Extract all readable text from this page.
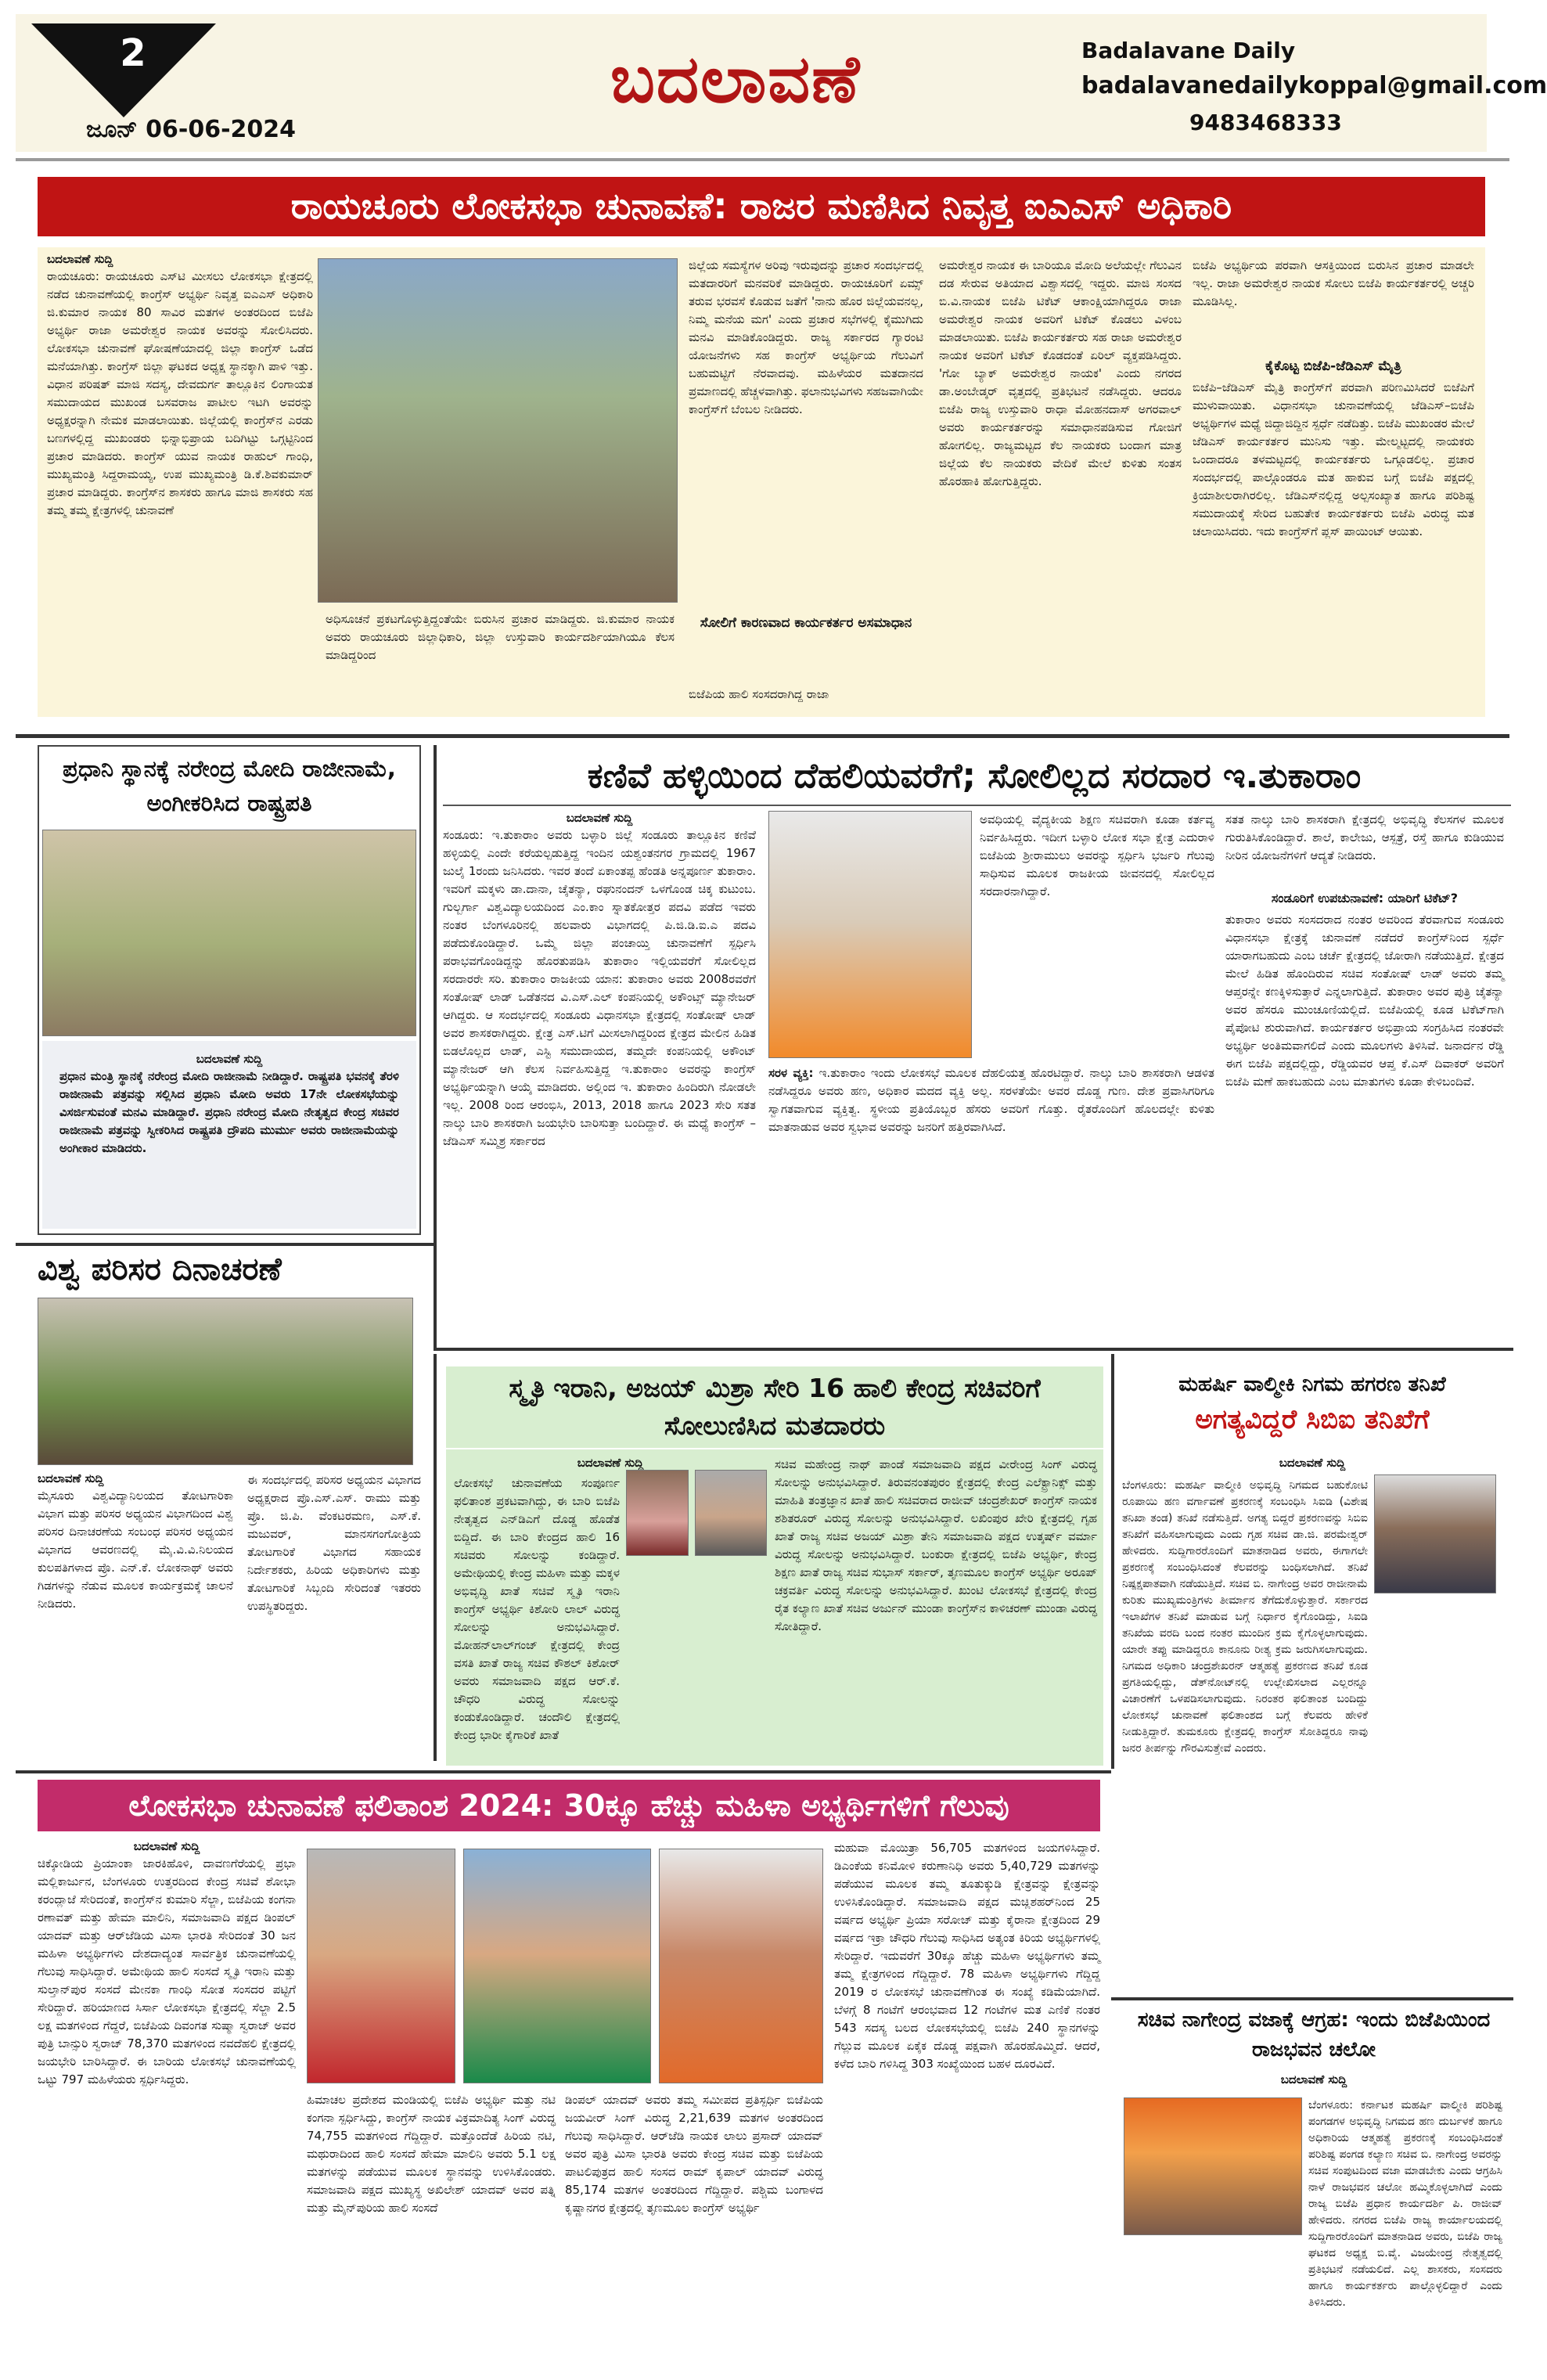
2
ಜೂನ್ 06-06-2024
ಬದಲಾವಣೆ	Badalavane Daily
badalavanedailykoppal@gmail.com
9483468333
ರಾಯಚೂರು ಲೋಕಸಭಾ ಚುನಾವಣೆ: ರಾಜರ ಮಣಿಸಿದ ನಿವೃತ್ತ ಐಎಎಸ್ ಅಧಿಕಾರಿ
ಬದಲಾವಣೆ ಸುದ್ದಿ
ರಾಯಚೂರು: ರಾಯಚೂರು ಎಸ್‌ಟಿ ಮೀಸಲು ಲೋಕಸಭಾ ಕ್ಷೇತ್ರದಲ್ಲಿ ನಡೆದ ಚುನಾವಣೆಯಲ್ಲಿ ಕಾಂಗ್ರೆಸ್ ಅಭ್ಯರ್ಥಿ ನಿವೃತ್ತ ಐಎಎಸ್ ಅಧಿಕಾರಿ ಜಿ.ಕುಮಾರ ನಾಯಕ 80 ಸಾವಿರ ಮತಗಳ ಅಂತರದಿಂದ ಬಿಜೆಪಿ ಅಭ್ಯರ್ಥಿ ರಾಜಾ ಅಮರೇಶ್ವರ ನಾಯಕ ಅವರನ್ನು ಸೋಲಿಸಿದರು. ಲೋಕಸಭಾ ಚುನಾವಣೆ ಘೋಷಣೆಯಾದಲ್ಲಿ ಜಿಲ್ಲಾ ಕಾಂಗ್ರೆಸ್ ಒಡೆದ ಮನೆಯಾಗಿತ್ತು. ಕಾಂಗ್ರೆಸ್ ಜಿಲ್ಲಾ ಘಟಕದ ಅಧ್ಯಕ್ಷ ಸ್ಥಾನಕ್ಕಾಗಿ ಪಾಳಿ ಇತ್ತು. ವಿಧಾನ ಪರಿಷತ್ ಮಾಜಿ ಸದಸ್ಯ, ದೇವದುರ್ಗ ತಾಲ್ಲೂಕಿನ ಲಿಂಗಾಯತ ಸಮುದಾಯದ ಮುಖಂಡ ಬಸವರಾಜ ಪಾಟೀಲ ಇಟಗಿ ಅವರನ್ನು ಅಧ್ಯಕ್ಷರನ್ನಾಗಿ ನೇಮಕ ಮಾಡಲಾಯಿತು. ಜಿಲ್ಲೆಯಲ್ಲಿ ಕಾಂಗ್ರೆಸ್‌ನ ಎರಡು ಬಣಗಳಲ್ಲಿದ್ದ ಮುಖಂಡರು ಭಿನ್ನಾಭಿಪ್ರಾಯ ಬದಿಗಿಟ್ಟು ಒಗ್ಗಟ್ಟಿನಿಂದ ಪ್ರಚಾರ ಮಾಡಿದರು. ಕಾಂಗ್ರೆಸ್ ಯುವ ನಾಯಕ ರಾಹುಲ್ ಗಾಂಧಿ, ಮುಖ್ಯಮಂತ್ರಿ ಸಿದ್ದರಾಮಯ್ಯ, ಉಪ ಮುಖ್ಯಮಂತ್ರಿ ಡಿ.ಕೆ.ಶಿವಕುಮಾರ್ ಪ್ರಚಾರ ಮಾಡಿದ್ದರು. ಕಾಂಗ್ರೆಸ್‌ನ ಶಾಸಕರು ಹಾಗೂ ಮಾಜಿ ಶಾಸಕರು ಸಹ ತಮ್ಮ ತಮ್ಮ ಕ್ಷೇತ್ರಗಳಲ್ಲಿ ಚುನಾವಣೆ
ಅಧಿಸೂಚನೆ ಪ್ರಕಟಗೊಳ್ಳುತ್ತಿದ್ದಂತೆಯೇ ಬಿರುಸಿನ ಪ್ರಚಾರ ಮಾಡಿದ್ದರು. ಜಿ.ಕುಮಾರ ನಾಯಕ ಅವರು ರಾಯಚೂರು ಜಿಲ್ಲಾಧಿಕಾರಿ, ಜಿಲ್ಲಾ ಉಸ್ತುವಾರಿ ಕಾರ್ಯದರ್ಶಿಯಾಗಿಯೂ ಕೆಲಸ ಮಾಡಿದ್ದರಿಂದ
ಜಿಲ್ಲೆಯ ಸಮಸ್ಯೆಗಳ ಅರಿವು ಇರುವುದನ್ನು ಪ್ರಚಾರ ಸಂದರ್ಭದಲ್ಲಿ ಮತದಾರರಿಗೆ ಮನವರಿಕೆ ಮಾಡಿದ್ದರು. ರಾಯಚೂರಿಗೆ ಏಮ್ಸ್ ತರುವ ಭರವಸೆ ಕೊಡುವ ಜತೆಗೆ 'ನಾನು ಹೊರ ಜಿಲ್ಲೆಯವನಲ್ಲ, ನಿಮ್ಮ ಮನೆಯ ಮಗ' ಎಂದು ಪ್ರಚಾರ ಸಭೆಗಳಲ್ಲಿ ಕೈಮುಗಿದು ಮನವಿ ಮಾಡಿಕೊಂಡಿದ್ದರು. ರಾಜ್ಯ ಸರ್ಕಾರದ ಗ್ಯಾರಂಟಿ ಯೋಜನೆಗಳು ಸಹ ಕಾಂಗ್ರೆಸ್ ಅಭ್ಯರ್ಥಿಯ ಗೆಲುವಿಗೆ ಬಹುಮಟ್ಟಿಗೆ ನೆರವಾದವು. ಮಹಿಳೆಯರ ಮತದಾನದ ಪ್ರಮಾಣದಲ್ಲಿ ಹೆಚ್ಚಳವಾಗಿತ್ತು. ಫಲಾನುಭವಿಗಳು ಸಹಜವಾಗಿಯೇ ಕಾಂಗ್ರೆಸ್‌ಗೆ ಬೆಂಬಲ ನೀಡಿದರು.
ಸೋಲಿಗೆ ಕಾರಣವಾದ ಕಾರ್ಯಕರ್ತರ ಅಸಮಾಧಾನ
ಬಿಜೆಪಿಯ ಹಾಲಿ ಸಂಸದರಾಗಿದ್ದ ರಾಜಾ
ಅಮರೇಶ್ವರ ನಾಯಕ ಈ ಬಾರಿಯೂ ಮೋದಿ ಅಲೆಯಲ್ಲೇ ಗೆಲುವಿನ ದಡ ಸೇರುವ ಅತಿಯಾದ ವಿಶ್ವಾಸದಲ್ಲಿ ಇದ್ದರು. ಮಾಜಿ ಸಂಸದ ಬಿ.ವಿ.ನಾಯಕ ಬಿಜೆಪಿ ಟಿಕೆಟ್ ಆಕಾಂಕ್ಷಿಯಾಗಿದ್ದರೂ ರಾಜಾ ಅಮರೇಶ್ವರ ನಾಯಕ ಅವರಿಗೆ ಟಿಕೆಟ್ ಕೊಡಲು ವಿಳಂಬ ಮಾಡಲಾಯಿತು. ಬಿಜೆಪಿ ಕಾರ್ಯಕರ್ತರು ಸಹ ರಾಜಾ ಅಮರೇಶ್ವರ ನಾಯಕ ಅವರಿಗೆ ಟಿಕೆಟ್ ಕೊಡದಂತೆ ಏರಿಲ್‌ ವ್ಯಕ್ತಪಡಿಸಿದ್ದರು. 'ಗೋ ಬ್ಯಾಕ್ ಅಮರೇಶ್ವರ ನಾಯಕ' ಎಂದು ನಗರದ ಡಾ.ಅಂಬೇಡ್ಕರ್ ವೃತ್ತದಲ್ಲಿ ಪ್ರತಿಭಟನೆ ನಡೆಸಿದ್ದರು. ಆದರೂ ಬಿಜೆಪಿ ರಾಜ್ಯ ಉಸ್ತುವಾರಿ ರಾಧಾ ಮೋಹನದಾಸ್ ಅಗರವಾಲ್ ಅವರು ಕಾರ್ಯಕರ್ತರನ್ನು ಸಮಾಧಾನಪಡಿಸುವ ಗೋಜಿಗೆ ಹೋಗಲಿಲ್ಲ. ರಾಜ್ಯಮಟ್ಟದ ಕೆಲ ನಾಯಕರು ಬಂದಾಗ ಮಾತ್ರ ಜಿಲ್ಲೆಯ ಕೆಲ ನಾಯಕರು ವೇದಿಕೆ ಮೇಲೆ ಕುಳಿತು ಸಂತಸ ಹೊರಹಾಕಿ ಹೋಗುತ್ತಿದ್ದರು.
ಬಿಜೆಪಿ ಅಭ್ಯರ್ಥಿಯ ಪರವಾಗಿ ಆಸಕ್ತಿಯಿಂದ ಬಿರುಸಿನ ಪ್ರಚಾರ ಮಾಡಲೇ ಇಲ್ಲ. ರಾಜಾ ಅಮರೇಶ್ವರ ನಾಯಕ ಸೋಲು ಬಿಜೆಪಿ ಕಾರ್ಯಕರ್ತರಲ್ಲಿ ಅಚ್ಚರಿ ಮೂಡಿಸಿಲ್ಲ.
ಕೈಕೊಟ್ಟ ಬಿಜೆಪಿ-ಜೆಡಿಎಸ್ ಮೈತ್ರಿ
ಬಿಜೆಪಿ–ಜೆಡಿಎಸ್ ಮೈತ್ರಿ ಕಾಂಗ್ರೆಸ್‌ಗೆ ಪರವಾಗಿ ಪರಿಣಮಿಸಿದರೆ ಬಿಜೆಪಿಗೆ ಮುಳುವಾಯಿತು. ವಿಧಾನಸಭಾ ಚುನಾವಣೆಯಲ್ಲಿ ಜೆಡಿಎಸ್–ಬಿಜೆಪಿ ಅಭ್ಯರ್ಥಿಗಳ ಮಧ್ಯೆ ಜಿದ್ದಾಜಿದ್ದಿನ ಸ್ಪರ್ಧೆ ನಡೆದಿತ್ತು. ಬಿಜೆಪಿ ಮುಖಂಡರ ಮೇಲೆ ಜೆಡಿಎಸ್ ಕಾರ್ಯಕರ್ತರ ಮುನಿಸು ಇತ್ತು. ಮೇಲ್ಮಟ್ಟದಲ್ಲಿ ನಾಯಕರು ಒಂದಾದರೂ ತಳಮಟ್ಟದಲ್ಲಿ ಕಾರ್ಯಕರ್ತರು ಒಗ್ಗೂಡಲಿಲ್ಲ. ಪ್ರಚಾರ ಸಂದರ್ಭದಲ್ಲಿ ಪಾಲ್ಗೊಂಡರೂ ಮತ ಹಾಕುವ ಬಗ್ಗೆ ಬಿಜೆಪಿ ಪಕ್ಷದಲ್ಲಿ ಕ್ರಿಯಾಶೀಲರಾಗಿರಲಿಲ್ಲ. ಜೆಡಿಎಸ್‌ನಲ್ಲಿದ್ದ ಅಲ್ಪಸಂಖ್ಯಾತ ಹಾಗೂ ಪರಿಶಿಷ್ಟ ಸಮುದಾಯಕ್ಕೆ ಸೇರಿದ ಬಹುತೇಕ ಕಾರ್ಯಕರ್ತರು ಬಿಜೆಪಿ ವಿರುದ್ಧ ಮತ ಚಲಾಯಿಸಿದರು. ಇದು ಕಾಂಗ್ರೆಸ್‌ಗೆ ಪ್ಲಸ್ ಪಾಯಿಂಟ್ ಆಯಿತು.
ಪ್ರಧಾನಿ ಸ್ಥಾನಕ್ಕೆ ನರೇಂದ್ರ ಮೋದಿ ರಾಜೀನಾಮೆ, ಅಂಗೀಕರಿಸಿದ ರಾಷ್ಟ್ರಪತಿ
ಬದಲಾವಣೆ ಸುದ್ದಿ
ಪ್ರಧಾನ ಮಂತ್ರಿ ಸ್ಥಾನಕ್ಕೆ ನರೇಂದ್ರ ಮೋದಿ ರಾಜೀನಾಮೆ ನೀಡಿದ್ದಾರೆ. ರಾಷ್ಟ್ರಪತಿ ಭವನಕ್ಕೆ ತೆರಳಿ ರಾಜೀನಾಮೆ ಪತ್ರವನ್ನು ಸಲ್ಲಿಸಿದ ಪ್ರಧಾನಿ ಮೋದಿ ಅವರು 17ನೇ ಲೋಕಸಭೆಯನ್ನು ವಿಸರ್ಜಿಸುವಂತೆ ಮನವಿ ಮಾಡಿದ್ದಾರೆ. ಪ್ರಧಾನಿ ನರೇಂದ್ರ ಮೋದಿ ನೇತೃತ್ವದ ಕೇಂದ್ರ ಸಚಿವರ ರಾಜೀನಾಮೆ ಪತ್ರವನ್ನು ಸ್ವೀಕರಿಸಿದ ರಾಷ್ಟ್ರಪತಿ ದ್ರೌಪದಿ ಮುರ್ಮು ಅವರು ರಾಜೀನಾಮೆಯನ್ನು ಅಂಗೀಕಾರ ಮಾಡಿದರು.
ಕಣಿವೆ ಹಳ್ಳಿಯಿಂದ ದೆಹಲಿಯವರೆಗೆ; ಸೋಲಿಲ್ಲದ ಸರದಾರ ಇ.ತುಕಾರಾಂ
ಬದಲಾವಣೆ ಸುದ್ದಿ
ಸಂಡೂರು: ಇ.ತುಕಾರಾಂ ಅವರು ಬಳ್ಳಾರಿ ಜಿಲ್ಲೆ ಸಂಡೂರು ತಾಲ್ಲೂಕಿನ ಕಣಿವೆ ಹಳ್ಳಿಯಲ್ಲಿ ಎಂದೇ ಕರೆಯಲ್ಪಡುತ್ತಿದ್ದ ಇಂದಿನ ಯಶ್ವಂತನಗರ ಗ್ರಾಮದಲ್ಲಿ 1967 ಜುಲೈ 1ರಂದು ಜನಿಸಿದರು. ಇವರ ತಂದೆ ಏಕಾಂತಪ್ಪ ಹೆಂಡತಿ ಅನ್ನಪೂರ್ಣ ತುಕಾರಾಂ. ಇವರಿಗೆ ಮಕ್ಕಳು ಡಾ.ದಾನಾ, ಚೈತನ್ಯಾ, ರಘುನಂದನ್ ಒಳಗೊಂಡ ಚಿಕ್ಕ ಕುಟುಂಬ. ಗುಲ್ಬರ್ಗಾ ವಿಶ್ವವಿದ್ಯಾಲಯದಿಂದ ಎಂ.ಕಾಂ ಸ್ನಾತಕೋತ್ತರ ಪದವಿ ಪಡೆದ ಇವರು ನಂತರ ಬೆಂಗಳೂರಿನಲ್ಲಿ ಹಲವಾರು ವಿಭಾಗದಲ್ಲಿ ಪಿ.ಜಿ.ಡಿ.ಐ.ಎ ಪದವಿ ಪಡೆದುಕೊಂಡಿದ್ದಾರೆ. ಒಮ್ಮೆ ಜಿಲ್ಲಾ ಪಂಚಾಯ್ತಿ ಚುನಾವಣೆಗೆ ಸ್ಪರ್ಧಿಸಿ ಪರಾಭವಗೊಂಡಿದ್ದನ್ನು ಹೊರತುಪಡಿಸಿ ತುಕಾರಾಂ ಇಲ್ಲಿಯವರೆಗೆ ಸೋಲಿಲ್ಲದ ಸರದಾರರೇ ಸರಿ. ತುಕಾರಾಂ ರಾಜಕೀಯ ಯಾನ: ತುಕಾರಾಂ ಅವರು 2008ರವರೆಗೆ ಸಂತೋಷ್ ಲಾಡ್ ಒಡೆತನದ ವಿ.ಎಸ್.ಎಲ್ ಕಂಪನಿಯಲ್ಲಿ ಅಕೌಂಟ್ಸ್ ಮ್ಯಾನೇಜರ್ ಆಗಿದ್ದರು. ಆ ಸಂದರ್ಭದಲ್ಲಿ ಸಂಡೂರು ವಿಧಾನಸಭಾ ಕ್ಷೇತ್ರದಲ್ಲಿ ಸಂತೋಷ್ ಲಾಡ್ ಅವರ ಶಾಸಕರಾಗಿದ್ದರು. ಕ್ಷೇತ್ರ ಎಸ್‌.ಟಿಗೆ ಮೀಸಲಾಗಿದ್ದರಿಂದ ಕ್ಷೇತ್ರದ ಮೇಲಿನ ಹಿಡಿತ ಬಿಡಲೊಲ್ಲದ ಲಾಡ್, ಎಸ್ಟಿ ಸಮುದಾಯದ, ತಮ್ಮದೇ ಕಂಪನಿಯಲ್ಲಿ ಅಕೌಂಟ್ ಮ್ಯಾನೇಜರ್ ಆಗಿ ಕೆಲಸ ನಿರ್ವಹಿಸುತ್ತಿದ್ದ ಇ.ತುಕಾರಾಂ ಅವರನ್ನು ಕಾಂಗ್ರೆಸ್ ಅಭ್ಯರ್ಥಿಯನ್ನಾಗಿ ಆಯ್ಕೆ ಮಾಡಿದರು. ಅಲ್ಲಿಂದ ಇ. ತುಕಾರಾಂ ಹಿಂದಿರುಗಿ ನೋಡಲೇ ಇಲ್ಲ. 2008 ರಿಂದ ಆರಂಭಿಸಿ, 2013, 2018 ಹಾಗೂ 2023 ಸೇರಿ ಸತತ ನಾಲ್ಕು ಬಾರಿ ಶಾಸಕರಾಗಿ ಜಯಭೇರಿ ಬಾರಿಸುತ್ತಾ ಬಂದಿದ್ದಾರೆ. ಈ ಮಧ್ಯೆ ಕಾಂಗ್ರೆಸ್ – ಜೆಡಿಎಸ್ ಸಮ್ಮಿಶ್ರ ಸರ್ಕಾರದ
ಅವಧಿಯಲ್ಲಿ ವೈದ್ಯಕೀಯ ಶಿಕ್ಷಣ ಸಚಿವರಾಗಿ ಕೂಡಾ ಕರ್ತವ್ಯ ನಿರ್ವಹಿಸಿದ್ದರು. ಇದೀಗ ಬಳ್ಳಾರಿ ಲೋಕ ಸಭಾ ಕ್ಷೇತ್ರ ಎದುರಾಳಿ ಬಿಜೆಪಿಯ ಶ್ರೀರಾಮುಲು ಅವರನ್ನು ಸ್ಪರ್ಧಿಸಿ ಭರ್ಜರಿ ಗೆಲುವು ಸಾಧಿಸುವ ಮೂಲಕ ರಾಜಕೀಯ ಜೀವನದಲ್ಲಿ ಸೋಲಿಲ್ಲದ ಸರದಾರನಾಗಿದ್ದಾರೆ.
ಸರಳ ವ್ಯಕ್ತಿ: ಇ.ತುಕಾರಾಂ ಇಂದು ಲೋಕಸಭೆ ಮೂಲಕ ದೆಹಲಿಯತ್ತ ಹೊರಟಿದ್ದಾರೆ. ನಾಲ್ಕು ಬಾರಿ ಶಾಸಕರಾಗಿ ಆಡಳಿತ ನಡೆಸಿದ್ದರೂ ಅವರು ಹಣ, ಅಧಿಕಾರ ಮದದ ವ್ಯಕ್ತಿ ಅಲ್ಲ. ಸರಳತೆಯೇ ಅವರ ದೊಡ್ಡ ಗುಣ. ದೇಶ ಪ್ರವಾಸಿಗರಿಗೂ ಸ್ವಾಗತವಾಗುವ ವ್ಯಕ್ತಿತ್ವ. ಸ್ಥಳೀಯ ಪ್ರತಿಯೊಬ್ಬರ ಹೆಸರು ಅವರಿಗೆ ಗೊತ್ತು. ರೈತರೊಂದಿಗೆ ಹೊಲದಲ್ಲೇ ಕುಳಿತು ಮಾತನಾಡುವ ಅವರ ಸ್ವಭಾವ ಅವರನ್ನು ಜನರಿಗೆ ಹತ್ತಿರವಾಗಿಸಿದೆ.
ಸತತ ನಾಲ್ಕು ಬಾರಿ ಶಾಸಕರಾಗಿ ಕ್ಷೇತ್ರದಲ್ಲಿ ಅಭಿವೃದ್ಧಿ ಕೆಲಸಗಳ ಮೂಲಕ ಗುರುತಿಸಿಕೊಂಡಿದ್ದಾರೆ. ಶಾಲೆ, ಕಾಲೇಜು, ಆಸ್ಪತ್ರೆ, ರಸ್ತೆ ಹಾಗೂ ಕುಡಿಯುವ ನೀರಿನ ಯೋಜನೆಗಳಿಗೆ ಆದ್ಯತೆ ನೀಡಿದರು.
ಸಂಡೂರಿಗೆ ಉಪಚುನಾವಣೆ: ಯಾರಿಗೆ ಟಿಕೆಟ್?
ತುಕಾರಾಂ ಅವರು ಸಂಸದರಾದ ನಂತರ ಅವರಿಂದ ತೆರವಾಗುವ ಸಂಡೂರು ವಿಧಾನಸಭಾ ಕ್ಷೇತ್ರಕ್ಕೆ ಚುನಾವಣೆ ನಡೆದರೆ ಕಾಂಗ್ರೆಸ್‌ನಿಂದ ಸ್ಪರ್ಧೆ ಯಾರಾಗಬಹುದು ಎಂಬ ಚರ್ಚೆ ಕ್ಷೇತ್ರದಲ್ಲಿ ಜೋರಾಗಿ ನಡೆಯುತ್ತಿದೆ. ಕ್ಷೇತ್ರದ ಮೇಲೆ ಹಿಡಿತ ಹೊಂದಿರುವ ಸಚಿವ ಸಂತೋಷ್ ಲಾಡ್ ಅವರು ತಮ್ಮ ಆಪ್ತರನ್ನೇ ಕಣಕ್ಕಿಳಿಸುತ್ತಾರೆ ಎನ್ನಲಾಗುತ್ತಿದೆ. ತುಕಾರಾಂ ಅವರ ಪುತ್ರಿ ಚೈತನ್ಯಾ ಅವರ ಹೆಸರೂ ಮುಂಚೂಣಿಯಲ್ಲಿದೆ. ಬಿಜೆಪಿಯಲ್ಲಿ ಕೂಡ ಟಿಕೆಟ್‌ಗಾಗಿ ಪೈಪೋಟಿ ಶುರುವಾಗಿದೆ. ಕಾರ್ಯಕರ್ತರ ಅಭಿಪ್ರಾಯ ಸಂಗ್ರಹಿಸಿದ ನಂತರವೇ ಅಭ್ಯರ್ಥಿ ಅಂತಿಮವಾಗಲಿದೆ ಎಂದು ಮೂಲಗಳು ತಿಳಿಸಿವೆ. ಜನಾರ್ದನ ರೆಡ್ಡಿ ಈಗ ಬಿಜೆಪಿ ಪಕ್ಷದಲ್ಲಿದ್ದು, ರೆಡ್ಡಿಯವರ ಆಪ್ತ ಕೆ.ಎಸ್ ದಿವಾಕರ್ ಅವರಿಗೆ ಬಿಜೆಪಿ ಮಣೆ ಹಾಕಬಹುದು ಎಂಬ ಮಾತುಗಳು ಕೂಡಾ ಕೇಳಿಬಂದಿವೆ.
ವಿಶ್ವ ಪರಿಸರ ದಿನಾಚರಣೆ
ಬದಲಾವಣೆ ಸುದ್ದಿ
ಮೈಸೂರು ವಿಶ್ವವಿದ್ಯಾನಿಲಯದ ತೋಟಗಾರಿಕಾ ವಿಭಾಗ ಮತ್ತು ಪರಿಸರ ಅಧ್ಯಯನ ವಿಭಾಗದಿಂದ ವಿಶ್ವ ಪರಿಸರ ದಿನಾಚರಣೆಯ ಸಂಬಂಧ ಪರಿಸರ ಅಧ್ಯಯನ ವಿಭಾಗದ ಆವರಣದಲ್ಲಿ ಮೈ.ವಿ.ವಿ.ನಿಲಯದ ಕುಲಪತಿಗಳಾದ ಪ್ರೊ. ಎನ್.ಕೆ. ಲೋಕನಾಥ್ ಅವರು ಗಿಡಗಳನ್ನು ನೆಡುವ ಮೂಲಕ ಕಾರ್ಯಕ್ರಮಕ್ಕೆ ಚಾಲನೆ ನೀಡಿದರು.
ಈ ಸಂದರ್ಭದಲ್ಲಿ ಪರಿಸರ ಅಧ್ಯಯನ ವಿಭಾಗದ ಅಧ್ಯಕ್ಷರಾದ ಪ್ರೊ.ಎಸ್.ಎಸ್. ರಾಮು ಮತ್ತು ಪ್ರೊ. ಜಿ.ಪಿ. ವೆಂಕಟರಮಣ, ಎಸ್.ಕೆ. ಮಜುವರ್, ಮಾನಸಗಂಗೋತ್ರಿಯ ತೋಟಗಾರಿಕೆ ವಿಭಾಗದ ಸಹಾಯಕ ನಿರ್ದೇಶಕರು, ಹಿರಿಯ ಅಧಿಕಾರಿಗಳು ಮತ್ತು ತೋಟಗಾರಿಕೆ ಸಿಬ್ಬಂದಿ ಸೇರಿದಂತೆ ಇತರರು ಉಪಸ್ಥಿತರಿದ್ದರು.
ಸ್ಮೃತಿ ಇರಾನಿ, ಅಜಯ್ ಮಿಶ್ರಾ ಸೇರಿ 16 ಹಾಲಿ ಕೇಂದ್ರ ಸಚಿವರಿಗೆ ಸೋಲುಣಿಸಿದ ಮತದಾರರು
ಬದಲಾವಣೆ ಸುದ್ದಿ
ಲೋಕಸಭೆ ಚುನಾವಣೆಯ ಸಂಪೂರ್ಣ ಫಲಿತಾಂಶ ಪ್ರಕಟವಾಗಿದ್ದು, ಈ ಬಾರಿ ಬಿಜೆಪಿ ನೇತೃತ್ವದ ಎನ್‌ಡಿಎಗೆ ದೊಡ್ಡ ಹೊಡೆತ ಬಿದ್ದಿದೆ. ಈ ಬಾರಿ ಕೇಂದ್ರದ ಹಾಲಿ 16 ಸಚಿವರು ಸೋಲನ್ನು ಕಂಡಿದ್ದಾರೆ. ಅಮೇಥಿಯಲ್ಲಿ ಕೇಂದ್ರ ಮಹಿಳಾ ಮತ್ತು ಮಕ್ಕಳ ಅಭಿವೃದ್ಧಿ ಖಾತೆ ಸಚಿವೆ ಸ್ಮೃತಿ ಇರಾನಿ ಕಾಂಗ್ರೆಸ್ ಅಭ್ಯರ್ಥಿ ಕಿಶೋರಿ ಲಾಲ್ ವಿರುದ್ಧ ಸೋಲನ್ನು ಅನುಭವಿಸಿದ್ದಾರೆ. ಮೋಹನ್‌ಲಾಲ್‌ಗಂಜ್ ಕ್ಷೇತ್ರದಲ್ಲಿ ಕೇಂದ್ರ ವಸತಿ ಖಾತೆ ರಾಜ್ಯ ಸಚಿವ ಕೌಶಲ್ ಕಿಶೋರ್ ಅವರು ಸಮಾಜವಾದಿ ಪಕ್ಷದ ಆರ್.ಕೆ. ಚೌಧರಿ ವಿರುದ್ಧ ಸೋಲನ್ನು ಕಂಡುಕೊಂಡಿದ್ದಾರೆ. ಚಂದೌಲಿ ಕ್ಷೇತ್ರದಲ್ಲಿ ಕೇಂದ್ರ ಭಾರೀ ಕೈಗಾರಿಕೆ ಖಾತೆ
ಸಚಿವ ಮಹೇಂದ್ರ ನಾಥ್ ಪಾಂಡೆ ಸಮಾಜವಾದಿ ಪಕ್ಷದ ವೀರೇಂದ್ರ ಸಿಂಗ್ ವಿರುದ್ಧ ಸೋಲನ್ನು ಅನುಭವಿಸಿದ್ದಾರೆ. ತಿರುವನಂತಪುರಂ ಕ್ಷೇತ್ರದಲ್ಲಿ ಕೇಂದ್ರ ಎಲೆಕ್ಟ್ರಾನಿಕ್ಸ್ ಮತ್ತು ಮಾಹಿತಿ ತಂತ್ರಜ್ಞಾನ ಖಾತೆ ಹಾಲಿ ಸಚಿವರಾದ ರಾಜೀವ್ ಚಂದ್ರಶೇಖರ್ ಕಾಂಗ್ರೆಸ್ ನಾಯಕ ಶಶಿತರೂರ್ ವಿರುದ್ಧ ಸೋಲನ್ನು ಅನುಭವಿಸಿದ್ದಾರೆ. ಲಖಿಂಪುರ ಖೇರಿ ಕ್ಷೇತ್ರದಲ್ಲಿ ಗೃಹ ಖಾತೆ ರಾಜ್ಯ ಸಚಿವ ಅಜಯ್ ಮಿಶ್ರಾ ತೇನಿ ಸಮಾಜವಾದಿ ಪಕ್ಷದ ಉತ್ಕರ್ಷ್ ವರ್ಮಾ ವಿರುದ್ಧ ಸೋಲನ್ನು ಅನುಭವಿಸಿದ್ದಾರೆ. ಬಂಕುರಾ ಕ್ಷೇತ್ರದಲ್ಲಿ ಬಿಜೆಪಿ ಅಭ್ಯರ್ಥಿ, ಕೇಂದ್ರ ಶಿಕ್ಷಣ ಖಾತೆ ರಾಜ್ಯ ಸಚಿವ ಸುಭಾಸ್ ಸರ್ಕಾರ್, ತೃಣಮೂಲ ಕಾಂಗ್ರೆಸ್ ಅಭ್ಯರ್ಥಿ ಅರೂಪ್ ಚಕ್ರವರ್ತಿ ವಿರುದ್ಧ ಸೋಲನ್ನು ಅನುಭವಿಸಿದ್ದಾರೆ. ಖುಂಟಿ ಲೋಕಸಭೆ ಕ್ಷೇತ್ರದಲ್ಲಿ ಕೇಂದ್ರ ರೈತ ಕಲ್ಯಾಣ ಖಾತೆ ಸಚಿವ ಅರ್ಜುನ್ ಮುಂಡಾ ಕಾಂಗ್ರೆಸ್‌ನ ಕಾಳಿಚರಣ್ ಮುಂಡಾ ವಿರುದ್ಧ ಸೋತಿದ್ದಾರೆ.
ಮಹರ್ಷಿ ವಾಲ್ಮೀಕಿ ನಿಗಮ ಹಗರಣ ತನಿಖೆ
ಅಗತ್ಯವಿದ್ದರೆ ಸಿಬಿಐ ತನಿಖೆಗೆ
ಬದಲಾವಣೆ ಸುದ್ದಿ
ಬೆಂಗಳೂರು: ಮಹರ್ಷಿ ವಾಲ್ಮೀಕಿ ಅಭಿವೃದ್ಧಿ ನಿಗಮದ ಬಹುಕೋಟಿ ರೂಪಾಯಿ ಹಣ ವರ್ಗಾವಣೆ ಪ್ರಕರಣಕ್ಕೆ ಸಂಬಂಧಿಸಿ ಸಿಐಡಿ (ವಿಶೇಷ ತನಿಖಾ ತಂಡ) ತನಿಖೆ ನಡೆಸುತ್ತಿದೆ. ಅಗತ್ಯ ಬಿದ್ದರೆ ಪ್ರಕರಣವನ್ನು ಸಿಬಿಐ ತನಿಖೆಗೆ ವಹಿಸಲಾಗುವುದು ಎಂದು ಗೃಹ ಸಚಿವ ಡಾ.ಜಿ. ಪರಮೇಶ್ವರ್ ಹೇಳಿದರು. ಸುದ್ದಿಗಾರರೊಂದಿಗೆ ಮಾತನಾಡಿದ ಅವರು, ಈಗಾಗಲೇ ಪ್ರಕರಣಕ್ಕೆ ಸಂಬಂಧಿಸಿದಂತೆ ಕೆಲವರನ್ನು ಬಂಧಿಸಲಾಗಿದೆ. ತನಿಖೆ ನಿಷ್ಪಕ್ಷಪಾತವಾಗಿ ನಡೆಯುತ್ತಿದೆ. ಸಚಿವ ಬಿ. ನಾಗೇಂದ್ರ ಅವರ ರಾಜೀನಾಮೆ ಕುರಿತು ಮುಖ್ಯಮಂತ್ರಿಗಳು ತೀರ್ಮಾನ ತೆಗೆದುಕೊಳ್ಳುತ್ತಾರೆ. ಸರ್ಕಾರದ ಇಲಾಖೆಗಳ ತನಿಖೆ ಮಾಡುವ ಬಗ್ಗೆ ನಿರ್ಧಾರ ಕೈಗೊಂಡಿದ್ದು, ಸಿಐಡಿ ತನಿಖೆಯ ವರದಿ ಬಂದ ನಂತರ ಮುಂದಿನ ಕ್ರಮ ಕೈಗೊಳ್ಳಲಾಗುವುದು. ಯಾರೇ ತಪ್ಪು ಮಾಡಿದ್ದರೂ ಕಾನೂನು ರೀತ್ಯ ಕ್ರಮ ಜರುಗಿಸಲಾಗುವುದು. ನಿಗಮದ ಅಧಿಕಾರಿ ಚಂದ್ರಶೇಖರನ್ ಆತ್ಮಹತ್ಯೆ ಪ್ರಕರಣದ ತನಿಖೆ ಕೂಡ ಪ್ರಗತಿಯಲ್ಲಿದ್ದು, ಡೆತ್‌ನೋಟ್‌ನಲ್ಲಿ ಉಲ್ಲೇಖಿಸಲಾದ ಎಲ್ಲರನ್ನೂ ವಿಚಾರಣೆಗೆ ಒಳಪಡಿಸಲಾಗುವುದು. ನಿರಂತರ ಫಲಿತಾಂಶ ಬಂದಿದ್ದು ಲೋಕಸಭೆ ಚುನಾವಣೆ ಫಲಿತಾಂಶದ ಬಗ್ಗೆ ಕೆಲವರು ಹೇಳಿಕೆ ನೀಡುತ್ತಿದ್ದಾರೆ. ತುಮಕೂರು ಕ್ಷೇತ್ರದಲ್ಲಿ ಕಾಂಗ್ರೆಸ್ ಸೋತಿದ್ದರೂ ನಾವು ಜನರ ತೀರ್ಪನ್ನು ಗೌರವಿಸುತ್ತೇವೆ ಎಂದರು.
ಲೋಕಸಭಾ ಚುನಾವಣೆ ಫಲಿತಾಂಶ 2024: 30ಕ್ಕೂ ಹೆಚ್ಚು ಮಹಿಳಾ ಅಭ್ಯರ್ಥಿಗಳಿಗೆ ಗೆಲುವು
ಬದಲಾವಣೆ ಸುದ್ದಿ
ಚಿಕ್ಕೋಡಿಯ ಪ್ರಿಯಾಂಕಾ ಜಾರಕಿಹೊಳಿ, ದಾವಣಗೆರೆಯಲ್ಲಿ ಪ್ರಭಾ ಮಲ್ಲಿಕಾರ್ಜುನ, ಬೆಂಗಳೂರು ಉತ್ತರದಿಂದ ಕೇಂದ್ರ ಸಚಿವೆ ಶೋಭಾ ಕರಂದ್ಲಾಜೆ ಸೇರಿದಂತೆ, ಕಾಂಗ್ರೆಸ್‌ನ ಕುಮಾರಿ ಸೆಲ್ಜಾ, ಬಿಜೆಪಿಯ ಕಂಗನಾ ರಣಾವತ್ ಮತ್ತು ಹೇಮಾ ಮಾಲಿನಿ, ಸಮಾಜವಾದಿ ಪಕ್ಷದ ಡಿಂಪಲ್ ಯಾದವ್ ಮತ್ತು ಆರ್‌ಜೆಡಿಯ ಮಿಸಾ ಭಾರತಿ ಸೇರಿದಂತೆ 30 ಜನ ಮಹಿಳಾ ಅಭ್ಯರ್ಥಿಗಳು ದೇಶದಾದ್ಯಂತ ಸಾರ್ವತ್ರಿಕ ಚುನಾವಣೆಯಲ್ಲಿ ಗೆಲುವು ಸಾಧಿಸಿದ್ದಾರೆ. ಅಮೇಥಿಯ ಹಾಲಿ ಸಂಸದೆ ಸ್ಮೃತಿ ಇರಾನಿ ಮತ್ತು ಸುಲ್ತಾನ್‌ಪುರ ಸಂಸದೆ ಮೇನಕಾ ಗಾಂಧಿ ಸೋತ ಸಂಸದರ ಪಟ್ಟಿಗೆ ಸೇರಿದ್ದಾರೆ. ಹರಿಯಾಣದ ಸಿರ್ಸಾ ಲೋಕಸಭಾ ಕ್ಷೇತ್ರದಲ್ಲಿ ಸೆಲ್ಜಾ 2.5 ಲಕ್ಷ ಮತಗಳಿಂದ ಗೆದ್ದರೆ, ಬಿಜೆಪಿಯ ದಿವಂಗತ ಸುಷ್ಮಾ ಸ್ವರಾಜ್ ಅವರ ಪುತ್ರಿ ಬಾನ್ಸುರಿ ಸ್ವರಾಜ್ 78,370 ಮತಗಳಿಂದ ನವದೆಹಲಿ ಕ್ಷೇತ್ರದಲ್ಲಿ ಜಯಭೇರಿ ಬಾರಿಸಿದ್ದಾರೆ. ಈ ಬಾರಿಯ ಲೋಕಸಭೆ ಚುನಾವಣೆಯಲ್ಲಿ ಒಟ್ಟು 797 ಮಹಿಳೆಯರು ಸ್ಪರ್ಧಿಸಿದ್ದರು.
ಹಿಮಾಚಲ ಪ್ರದೇಶದ ಮಂಡಿಯಲ್ಲಿ ಬಿಜೆಪಿ ಅಭ್ಯರ್ಥಿ ಮತ್ತು ನಟಿ ಕಂಗನಾ ಸ್ಪರ್ಧಿಸಿದ್ದು, ಕಾಂಗ್ರೆಸ್ ನಾಯಕ ವಿಕ್ರಮಾದಿತ್ಯ ಸಿಂಗ್ ವಿರುದ್ಧ 74,755 ಮತಗಳಿಂದ ಗೆದ್ದಿದ್ದಾರೆ. ಮತ್ತೊಂದೆಡೆ ಹಿರಿಯ ನಟಿ, ಮಥುರಾದಿಂದ ಹಾಲಿ ಸಂಸದೆ ಹೇಮಾ ಮಾಲಿನಿ ಅವರು 5.1 ಲಕ್ಷ ಮತಗಳನ್ನು ಪಡೆಯುವ ಮೂಲಕ ಸ್ಥಾನವನ್ನು ಉಳಿಸಿಕೊಂಡರು. ಸಮಾಜವಾದಿ ಪಕ್ಷದ ಮುಖ್ಯಸ್ಥ ಅಖಿಲೇಶ್ ಯಾದವ್ ಅವರ ಪತ್ನಿ ಮತ್ತು ಮೈನ್‌ಪುರಿಯ ಹಾಲಿ ಸಂಸದೆ
ಡಿಂಪಲ್ ಯಾದವ್ ಅವರು ತಮ್ಮ ಸಮೀಪದ ಪ್ರತಿಸ್ಪರ್ಧಿ ಬಿಜೆಪಿಯ ಜಯವೀರ್ ಸಿಂಗ್ ವಿರುದ್ಧ 2,21,639 ಮತಗಳ ಅಂತರದಿಂದ ಗೆಲುವು ಸಾಧಿಸಿದ್ದಾರೆ. ಆರ್‌ಜೆಡಿ ನಾಯಕ ಲಾಲು ಪ್ರಸಾದ್ ಯಾದವ್ ಅವರ ಪುತ್ರಿ ಮಿಸಾ ಭಾರತಿ ಅವರು ಕೇಂದ್ರ ಸಚಿವ ಮತ್ತು ಬಿಜೆಪಿಯ ಪಾಟಲಿಪುತ್ರದ ಹಾಲಿ ಸಂಸದ ರಾಮ್ ಕೃಪಾಲ್ ಯಾದವ್ ವಿರುದ್ಧ 85,174 ಮತಗಳ ಅಂತರದಿಂದ ಗೆದ್ದಿದ್ದಾರೆ. ಪಶ್ಚಿಮ ಬಂಗಾಳದ ಕೃಷ್ಣಾನಗರ ಕ್ಷೇತ್ರದಲ್ಲಿ ತೃಣಮೂಲ ಕಾಂಗ್ರೆಸ್ ಅಭ್ಯರ್ಥಿ
ಮಹುವಾ ಮೊಯಿತ್ರಾ 56,705 ಮತಗಳಿಂದ ಜಯಗಳಿಸಿದ್ದಾರೆ. ಡಿಎಂಕೆಯ ಕನಿಮೋಳಿ ಕರುಣಾನಿಧಿ ಅವರು 5,40,729 ಮತಗಳನ್ನು ಪಡೆಯುವ ಮೂಲಕ ತಮ್ಮ ತೂತುಕ್ಕುಡಿ ಕ್ಷೇತ್ರವನ್ನು ಕ್ಷೇತ್ರವನ್ನು ಉಳಿಸಿಕೊಂಡಿದ್ದಾರೆ. ಸಮಾಜವಾದಿ ಪಕ್ಷದ ಮಚ್ಲಿಶಹರ್‌ನಿಂದ 25 ವರ್ಷದ ಅಭ್ಯರ್ಥಿ ಪ್ರಿಯಾ ಸರೋಜ್ ಮತ್ತು ಕೈರಾನಾ ಕ್ಷೇತ್ರದಿಂದ 29 ವರ್ಷದ ಇಕ್ರಾ ಚೌಧರಿ ಗೆಲುವು ಸಾಧಿಸಿದ ಅತ್ಯಂತ ಕಿರಿಯ ಅಭ್ಯರ್ಥಿಗಳಲ್ಲಿ ಸೇರಿದ್ದಾರೆ. ಇದುವರೆಗೆ 30ಕ್ಕೂ ಹೆಚ್ಚು ಮಹಿಳಾ ಅಭ್ಯರ್ಥಿಗಳು ತಮ್ಮ ತಮ್ಮ ಕ್ಷೇತ್ರಗಳಿಂದ ಗೆದ್ದಿದ್ದಾರೆ. 78 ಮಹಿಳಾ ಅಭ್ಯರ್ಥಿಗಳು ಗೆದ್ದಿದ್ದ 2019 ರ ಲೋಕಸಭೆ ಚುನಾವಣೆಗಿಂತ ಈ ಸಂಖ್ಯೆ ಕಡಿಮೆಯಾಗಿದೆ. ಬೆಳಗ್ಗೆ 8 ಗಂಟೆಗೆ ಆರಂಭವಾದ 12 ಗಂಟೆಗಳ ಮತ ಎಣಿಕೆ ನಂತರ 543 ಸದಸ್ಯ ಬಲದ ಲೋಕಸಭೆಯಲ್ಲಿ ಬಿಜೆಪಿ 240 ಸ್ಥಾನಗಳನ್ನು ಗೆಲ್ಲುವ ಮೂಲಕ ಏಕೈಕ ದೊಡ್ಡ ಪಕ್ಷವಾಗಿ ಹೊರಹೊಮ್ಮಿದೆ. ಆದರೆ, ಕಳೆದ ಬಾರಿ ಗಳಿಸಿದ್ದ 303 ಸಂಖ್ಯೆಯಿಂದ ಬಹಳ ದೂರವಿದೆ.
ಸಚಿವ ನಾಗೇಂದ್ರ ವಜಾಕ್ಕೆ ಆಗ್ರಹ: ಇಂದು ಬಿಜೆಪಿಯಿಂದ ರಾಜಭವನ ಚಲೋ
ಬದಲಾವಣೆ ಸುದ್ದಿ
ಬೆಂಗಳೂರು: ಕರ್ನಾಟಕ ಮಹರ್ಷಿ ವಾಲ್ಮೀಕಿ ಪರಿಶಿಷ್ಟ ಪಂಗಡಗಳ ಅಭಿವೃದ್ಧಿ ನಿಗಮದ ಹಣ ದುರ್ಬಳಕೆ ಹಾಗೂ ಅಧಿಕಾರಿಯ ಆತ್ಮಹತ್ಯೆ ಪ್ರಕರಣಕ್ಕೆ ಸಂಬಂಧಿಸಿದಂತೆ ಪರಿಶಿಷ್ಟ ಪಂಗಡ ಕಲ್ಯಾಣ ಸಚಿವ ಬಿ. ನಾಗೇಂದ್ರ ಅವರನ್ನು ಸಚಿವ ಸಂಪುಟದಿಂದ ವಜಾ ಮಾಡಬೇಕು ಎಂದು ಆಗ್ರಹಿಸಿ ನಾಳೆ ರಾಜಭವನ ಚಲೋ ಹಮ್ಮಿಕೊಳ್ಳಲಾಗಿದೆ ಎಂದು ರಾಜ್ಯ ಬಿಜೆಪಿ ಪ್ರಧಾನ ಕಾರ್ಯದರ್ಶಿ ಪಿ. ರಾಜೀವ್ ಹೇಳಿದರು. ನಗರದ ಬಿಜೆಪಿ ರಾಜ್ಯ ಕಾರ್ಯಾಲಯದಲ್ಲಿ ಸುದ್ದಿಗಾರರೊಂದಿಗೆ ಮಾತನಾಡಿದ ಅವರು, ಬಿಜೆಪಿ ರಾಜ್ಯ ಘಟಕದ ಅಧ್ಯಕ್ಷ ಬಿ.ವೈ. ವಿಜಯೇಂದ್ರ ನೇತೃತ್ವದಲ್ಲಿ ಪ್ರತಿಭಟನೆ ನಡೆಯಲಿದೆ. ಎಲ್ಲ ಶಾಸಕರು, ಸಂಸದರು ಹಾಗೂ ಕಾರ್ಯಕರ್ತರು ಪಾಲ್ಗೊಳ್ಳಲಿದ್ದಾರೆ ಎಂದು ತಿಳಿಸಿದರು.
